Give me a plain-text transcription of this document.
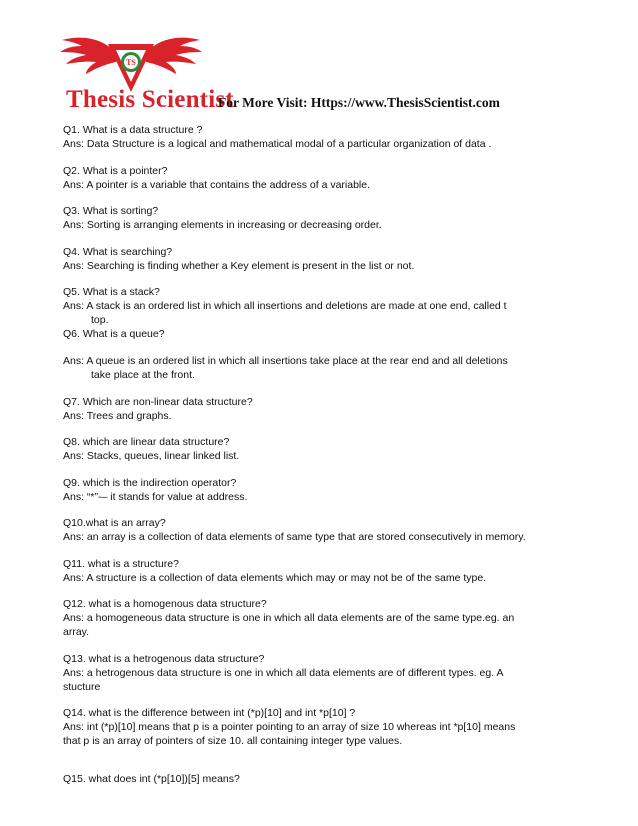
TS
Thesis Scientist
For More Visit: Https://www.ThesisScientist.com
Q1. What is a data structure ?
Ans: Data Structure is a logical and mathematical modal of a particular organization of data .
Q2. What is a pointer?
Ans: A pointer is a variable that contains the address of a variable.
Q3. What is sorting?
Ans: Sorting is arranging elements in increasing or decreasing order.
Q4. What is searching?
Ans: Searching is finding whether a Key element is present in the list or not.
Q5. What is a stack?
Ans: A stack is an ordered list in which all insertions and deletions are made at one end, called t
top.
Q6. What is a queue?
Ans: A queue is an ordered list in which all insertions take place at the rear end and all deletions
take place at the front.
Q7. Which are non-linear data structure?
Ans: Trees and graphs.
Q8. which are linear data structure?
Ans: Stacks, queues, linear linked list.
Q9. which is the indirection operator?
Ans: “*”-– it stands for value at address.
Q10.what is an array?
Ans: an array is a collection of data elements of same type that are stored consecutively in memory.
Q11. what is a structure?
Ans: A structure is a collection of data elements which may or may not be of the same type.
Q12. what is a homogenous data structure?
Ans: a homogeneous data structure is one in which all data elements are of the same type.eg. an
array.
Q13. what is a hetrogenous data structure?
Ans: a hetrogenous data structure is one in which all data elements are of different types. eg. A
stucture
Q14. what is the difference between int (*p)[10] and int *p[10] ?
Ans: int (*p)[10] means that p is a pointer pointing to an array of size 10 whereas int *p[10] means
that p is an array of pointers of size 10. all containing integer type values.
Q15. what does int (*p[10])[5] means?
